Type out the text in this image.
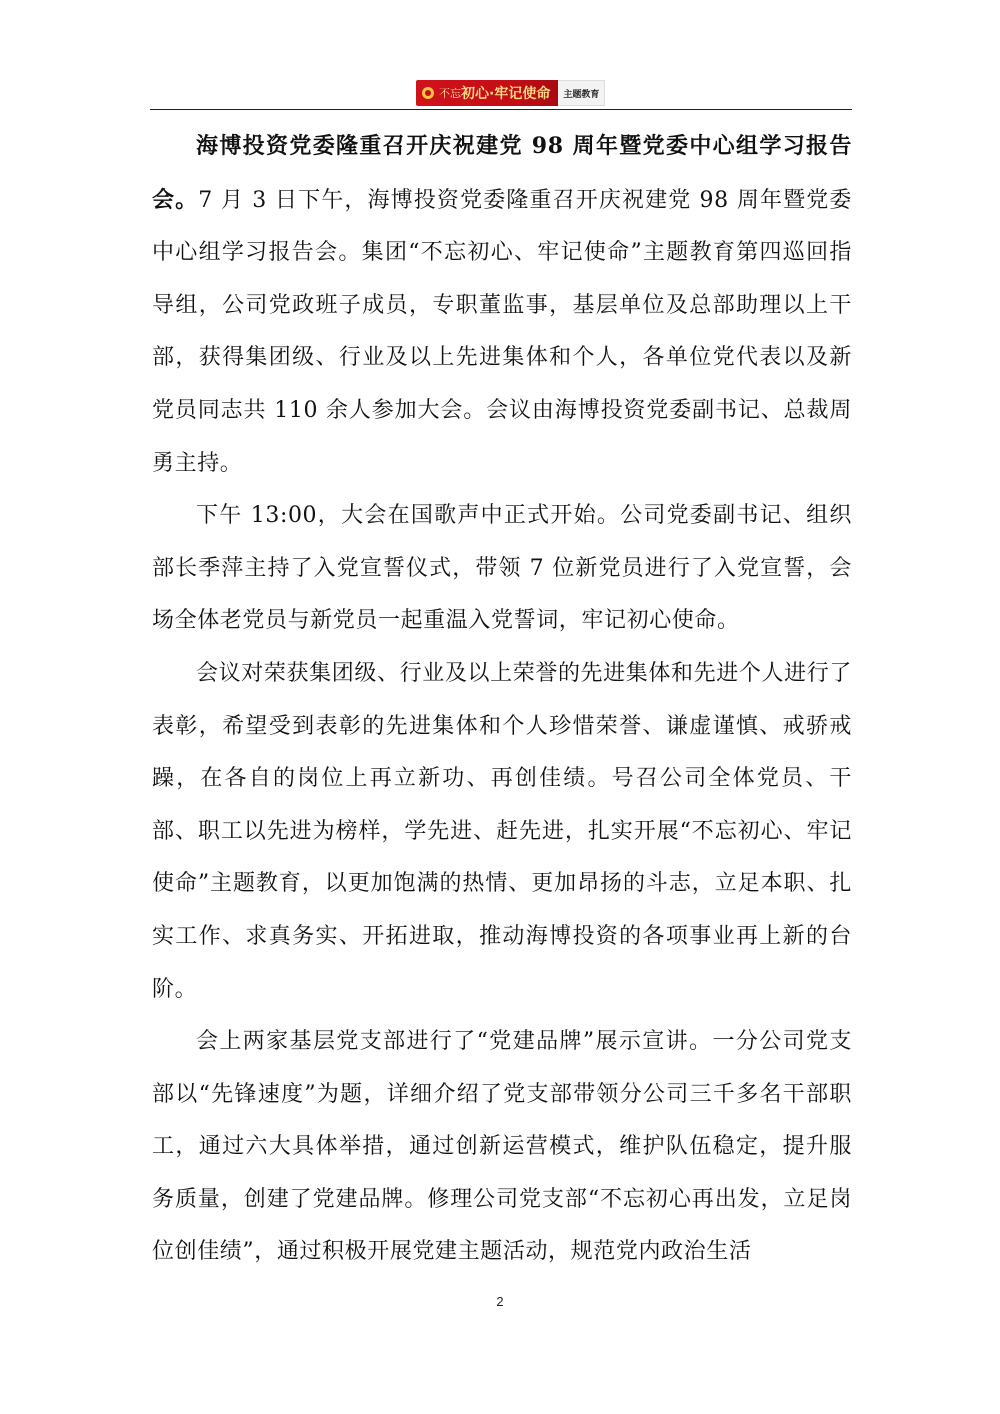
不忘 初心·牢记使命	主题教育

海博投资党委隆重召开庆祝建党 98 周年暨党委中心组学习报告会。7 月 3 日下午，海博投资党委隆重召开庆祝建党 98 周年暨党委中心组学习报告会。集团“不忘初心、牢记使命”主题教育第四巡回指导组，公司党政班子成员，专职董监事，基层单位及总部助理以上干部，获得集团级、行业及以上先进集体和个人，各单位党代表以及新党员同志共 110 余人参加大会。会议由海博投资党委副书记、总裁周勇主持。

下午 13:00，大会在国歌声中正式开始。公司党委副书记、组织部长季萍主持了入党宣誓仪式，带领 7 位新党员进行了入党宣誓，会场全体老党员与新党员一起重温入党誓词，牢记初心使命。

会议对荣获集团级、行业及以上荣誉的先进集体和先进个人进行了表彰，希望受到表彰的先进集体和个人珍惜荣誉、谦虚谨慎、戒骄戒躁，在各自的岗位上再立新功、再创佳绩。号召公司全体党员、干部、职工以先进为榜样，学先进、赶先进，扎实开展“不忘初心、牢记使命”主题教育，以更加饱满的热情、更加昂扬的斗志，立足本职、扎实工作、求真务实、开拓进取，推动海博投资的各项事业再上新的台阶。

会上两家基层党支部进行了“党建品牌”展示宣讲。一分公司党支部以“先锋速度”为题，详细介绍了党支部带领分公司三千多名干部职工，通过六大具体举措，通过创新运营模式，维护队伍稳定，提升服务质量，创建了党建品牌。修理公司党支部“不忘初心再出发，立足岗位创佳绩”，通过积极开展党建主题活动，规范党内政治生活

2
